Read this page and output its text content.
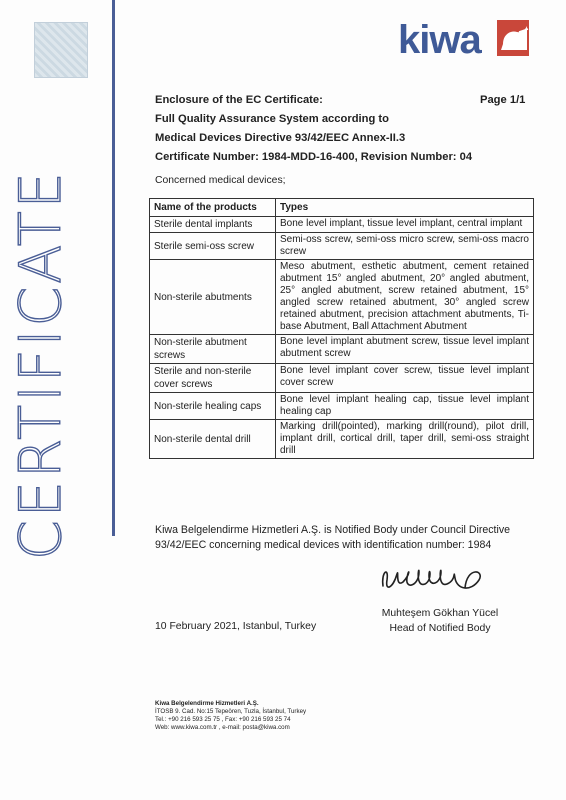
CERTIFICATE
kiwa
Enclosure of the EC Certificate:	Page 1/1
Full Quality Assurance System according to
Medical Devices Directive 93/42/EEC Annex-II.3
Certificate Number: 1984-MDD-16-400, Revision Number: 04
Concerned medical devices;
Name of the products	Types
Sterile dental implants	Bone level implant, tissue level implant, central implant
Sterile semi-oss screw	Semi-oss screw, semi-oss micro screw, semi-oss macro screw
Non-sterile abutments	Meso abutment, esthetic abutment, cement retained abutment 15° angled abutment, 20° angled abutment, 25° angled abutment, screw retained abutment, 15° angled screw retained abutment, 30° angled screw retained abutment, precision attachment abutments, Ti-base Abutment, Ball Attachment Abutment
Non-sterile abutment screws	Bone level implant abutment screw, tissue level implant abutment screw
Sterile and non-sterile cover screws	Bone level implant cover screw, tissue level implant cover screw
Non-sterile healing caps	Bone level implant healing cap, tissue level implant healing cap
Non-sterile dental drill	Marking drill(pointed), marking drill(round), pilot drill, implant drill, cortical drill, taper drill, semi-oss straight drill
Kiwa Belgelendirme Hizmetleri A.Ş. is Notified Body under Council Directive 93/42/EEC concerning medical devices with identification number: 1984
Muhteşem Gökhan Yücel
Head of Notified Body
10 February 2021, Istanbul, Turkey
Kiwa Belgelendirme Hizmetleri A.Ş.
İTOSB 9. Cad. No:15 Tepeören, Tuzla, İstanbul, Turkey
Tel.: +90 216 593 25 75 , Fax: +90 216 593 25 74
Web: www.kiwa.com.tr , e-mail: posta@kiwa.com
